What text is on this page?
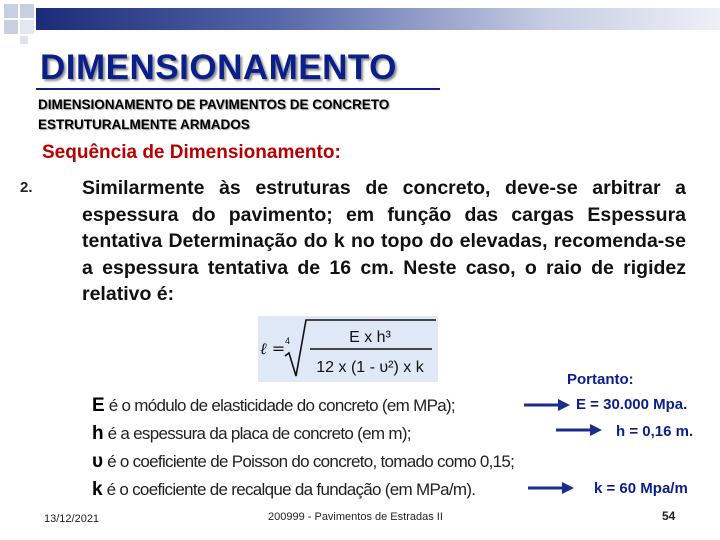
DIMENSIONAMENTO
DIMENSIONAMENTO DE PAVIMENTOS DE CONCRETO
ESTRUTURALMENTE ARMADOS
Sequência de Dimensionamento:
2.	Similarmente às estruturas de concreto, deve-se arbitrar a espessura do pavimento; em função das cargas Espessura tentativa Determinação do k no topo do elevadas, recomenda-se a espessura tentativa de 16 cm. Neste caso, o raio de rigidez relativo é:
ℓ = 4	E x h³
12 x (1 - υ²) x k
E é o módulo de elasticidade do concreto (em MPa);
h é a espessura da placa de concreto (em m);
υ é o coeficiente de Poisson do concreto, tomado como 0,15;
k é o coeficiente de recalque da fundação (em MPa/m).
Portanto:
E = 30.000 Mpa.
h = 0,16 m.
k = 60 Mpa/m
13/12/2021	200999 - Pavimentos de Estradas II	54
